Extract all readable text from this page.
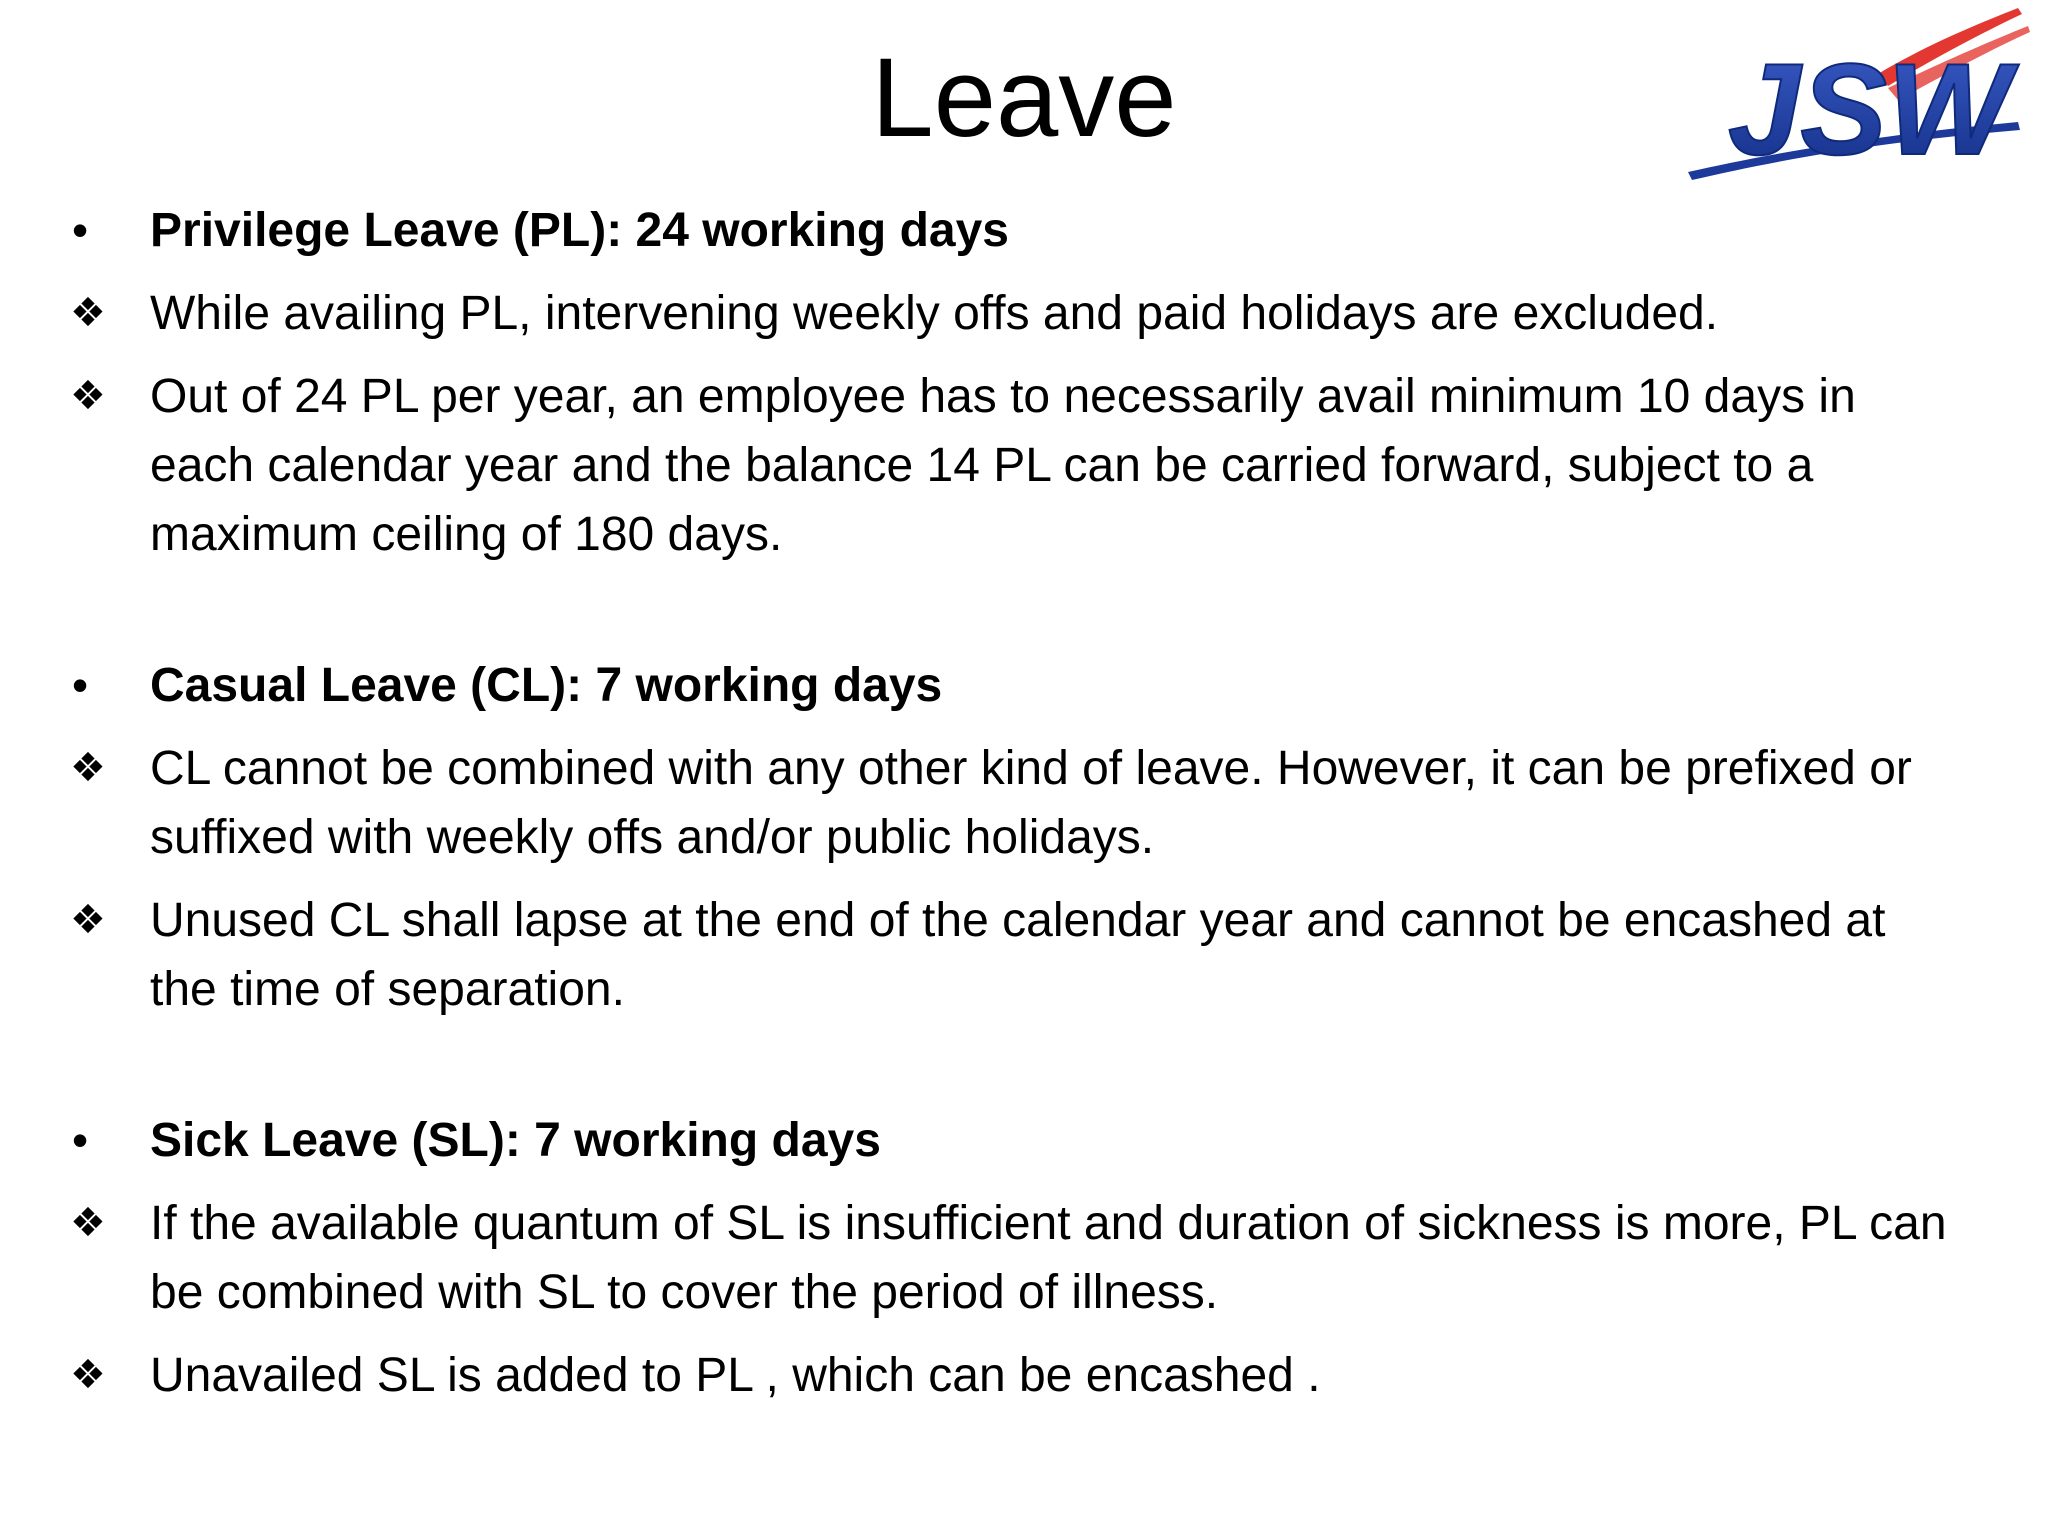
Leave	JSW
•	Privilege Leave (PL): 24 working days
❖ While availing PL, intervening weekly offs and paid holidays are excluded.
❖ Out of 24 PL per year, an employee has to necessarily avail minimum 10 days in each calendar year and the balance 14 PL can be carried forward, subject to a maximum ceiling of 180 days.
•	Casual Leave (CL): 7 working days
❖ CL cannot be combined with any other kind of leave. However, it can be prefixed or suffixed with weekly offs and/or public holidays.
❖ Unused CL shall lapse at the end of the calendar year and cannot be encashed at the time of separation.
•	Sick Leave (SL): 7 working days
❖ If the available quantum of SL is insufficient and duration of sickness is more, PL can be combined with SL to cover the period of illness.
❖ Unavailed SL is added to PL , which can be encashed .
